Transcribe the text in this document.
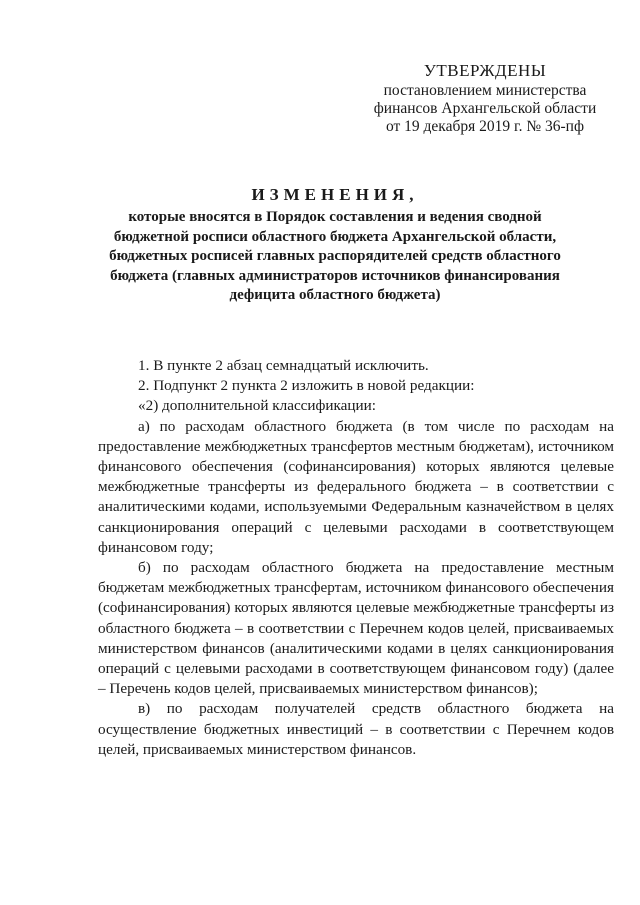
УТВЕРЖДЕНЫ
постановлением министерства
финансов Архангельской области
от 19 декабря 2019 г. № 36-пф
ИЗМЕНЕНИЯ,
которые вносятся в Порядок составления и ведения сводной бюджетной росписи областного бюджета Архангельской области, бюджетных росписей главных распорядителей средств областного бюджета (главных администраторов источников финансирования дефицита областного бюджета)

1. В пункте 2 абзац семнадцатый исключить.

2. Подпункт 2 пункта 2 изложить в новой редакции:

«2) дополнительной классификации:

а) по расходам областного бюджета (в том числе по расходам на предоставление межбюджетных трансфертов местным бюджетам), источником финансового обеспечения (софинансирования) которых являются целевые межбюджетные трансферты из федерального бюджета – в соответствии с аналитическими кодами, используемыми Федеральным казначейством в целях санкционирования операций с целевыми расходами в соответствующем финансовом году;

б) по расходам областного бюджета на предоставление местным бюджетам межбюджетных трансфертам, источником финансового обеспечения (софинансирования) которых являются целевые межбюджетные трансферты из областного бюджета – в соответствии с Перечнем кодов целей, присваиваемых министерством финансов (аналитическими кодами в целях санкционирования операций с целевыми расходами в соответствующем финансовом году) (далее – Перечень кодов целей, присваиваемых министерством финансов);

в) по расходам получателей средств областного бюджета на осуществление бюджетных инвестиций – в соответствии с Перечнем кодов целей, присваиваемых министерством финансов.
